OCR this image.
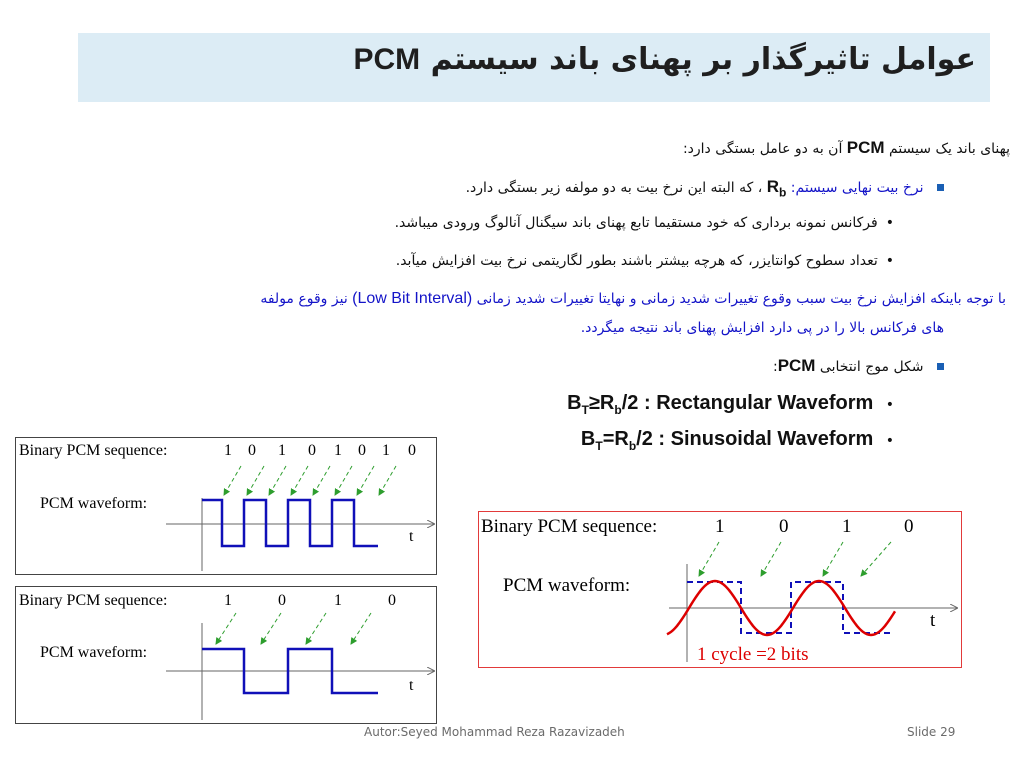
عوامل تاثیرگذار بر پهنای باند سیستم PCM
پهنای باند یک سیستم PCM آن به دو عامل بستگی دارد:
نرخ بیت نهایی سیستم: $R_b$ ، که البته این نرخ بیت به دو مولفه زیر بستگی دارد.
•فرکانس نمونه برداری که خود مستقیما تابع پهنای باند سیگنال آنالوگ ورودی میباشد.
•تعداد سطوح کوانتایزر، که هرچه بیشتر باشند بطور لگاریتمی نرخ بیت افزایش میآبد.
با توجه باینکه افزایش نرخ بیت سبب وقوع تغییرات شدید زمانی و نهایتا تغییرات شدید زمانی (Low Bit Interval) نیز وقوع مولفه
های فرکانس بالا را در پی دارد افزایش پهنای باند نتیجه میگردد.
شکل موج انتخابی PCM:
• $B_T\ge R_b/2$ : Rectangular Waveform
• $B_T=R_b/2$ : Sinusoidal Waveform
Binary PCM sequence:	1 0 1 0 1 0 1 0
PCM waveform:
t
Binary PCM sequence:	1	0	1	0
PCM waveform:
t
Binary PCM sequence:	1	0	1	0
PCM waveform:
t
1 cycle =2 bits
Autor:Seyed Mohammad Reza Razavizadeh	Slide 29
